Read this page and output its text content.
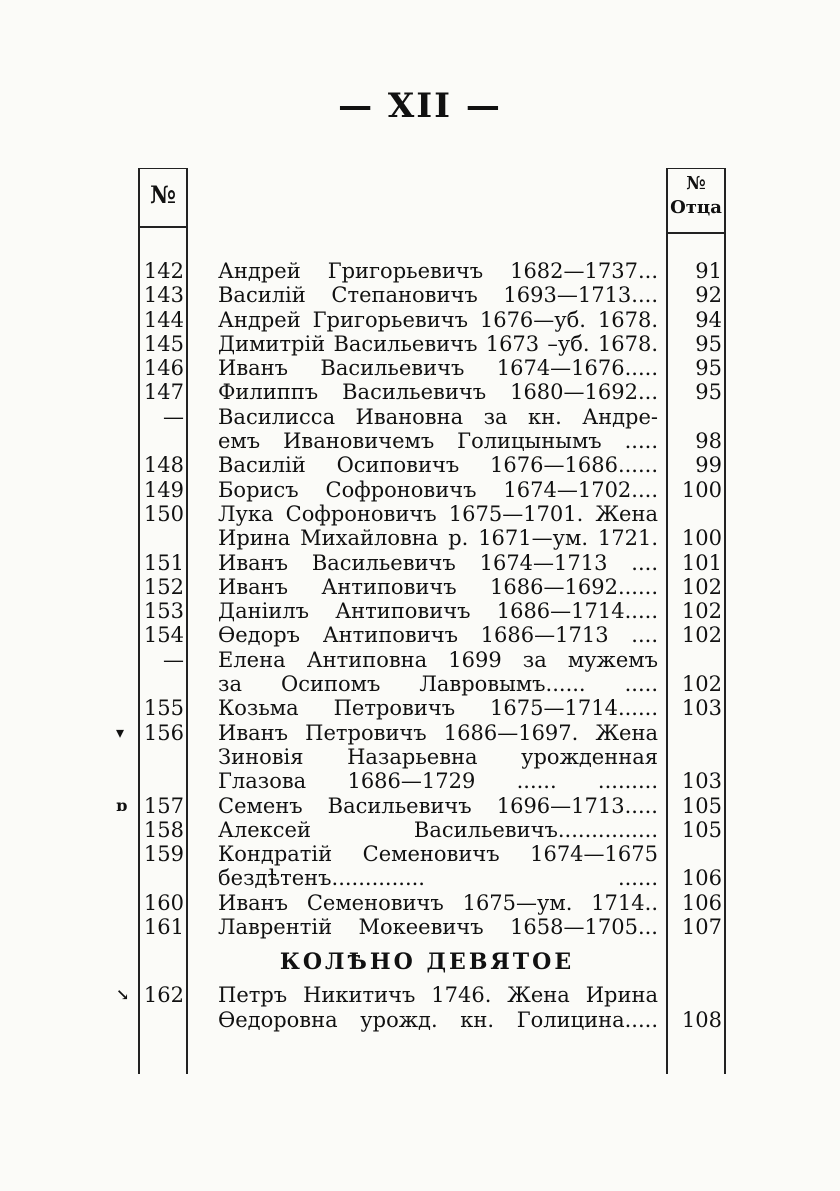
— XII —
№	№
Отца
142 Андрей Григорьевичъ 1682—1737...	91
143 Василiй Степановичъ 1693—1713....	92
144 Андрей Григорьевичъ 1676—уб. 1678.	94
145 Димитрiй Васильевичъ 1673 –уб. 1678.	95
146 Иванъ Васильевичъ 1674—1676.....	95
147 Филиппъ Васильевичъ 1680—1692...	95
— Василисса Ивановна за кн. Андре-
емъ Ивановичемъ Голицынымъ .....	98
148 Василiй Осиповичъ 1676—1686......	99
149 Борисъ Софроновичъ 1674—1702....	100
150 Лука Софроновичъ 1675—1701. Жена
Ирина Михайловна р. 1671—ум. 1721.	100
151 Иванъ Васильевичъ 1674—1713 ....	101
152 Иванъ Антиповичъ 1686—1692......	102
153 Данiилъ Антиповичъ 1686—1714.....	102
154 Ѳедоръ Антиповичъ 1686—1713 ....	102
— Елена Антиповна 1699 за мужемъ
за Осипомъ Лавровымъ...... .....	102
155 Козьма Петровичъ 1675—1714......	103
156 Иванъ Петровичъ 1686—1697. Жена
▾
Зиновiя Назарьевна урожденная
Глазова 1686—1729 ...... .........	103
157 Семенъ Васильевичъ 1696—1713.....	105
ɒ
158 Алексей Васильевичъ...............	105
159 Кондратiй Семеновичъ 1674—1675
бездѣтенъ.............. ......	106
160 Иванъ Семеновичъ 1675—ум. 1714..	106
161 Лаврентiй Мокеевичъ 1658—1705...	107
КОЛѢНО ДЕВЯТОЕ
162 Петръ Никитичъ 1746. Жена Ирина
↘
Ѳедоровна урожд. кн. Голицина.....	108
